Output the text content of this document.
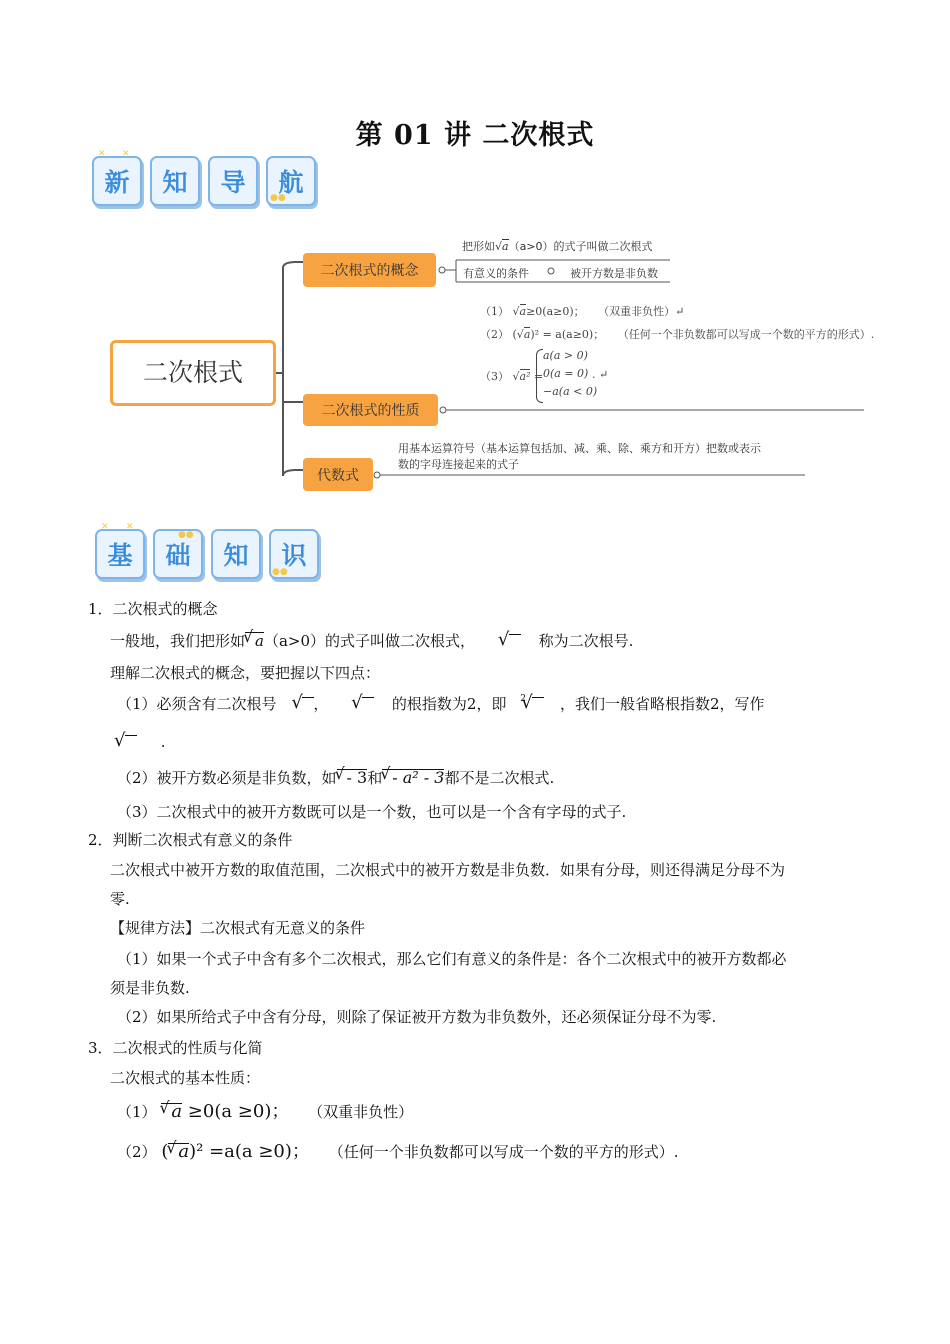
第 01 讲 二次根式
新	知	导	航
✕ ✕
●●
二次根式
二次根式的概念
二次根式的性质
代数式
把形如√a（a>0）的式子叫做二次根式
有意义的条件	被开方数是非负数
（1） √a≥0(a≥0)； （双重非负性）↵
（2） (√a)² = a(a≥0)； （任何一个非负数都可以写成一个数的平方的形式）.
（3） √a² =
a(a > 0)
0(a = 0)
−a(a < 0)
. ↵
用基本运算符号（基本运算包括加、减、乘、除、乘方和开方）把数或表示
数的字母连接起来的式子
基	础	知	识
✕ ✕
●●
●●
1．二次根式的概念
一般地，我们把形如 √ a（a>0）的式子叫做二次根式， √	称为二次根号.
理解二次根式的概念，要把握以下四点：
（1）必须含有二次根号 √ ， √	的根指数为2，即 √ 2 ，我们一般省略根指数2，写作
√ .
（2）被开方数必须是非负数，如 √ - 3和 √ - a² - 3都不是二次根式.
（3）二次根式中的被开方数既可以是一个数，也可以是一个含有字母的式子.
2．判断二次根式有意义的条件
二次根式中被开方数的取值范围，二次根式中的被开方数是非负数．如果有分母，则还得满足分母不为
零.
【规律方法】二次根式有无意义的条件
（1）如果一个式子中含有多个二次根式，那么它们有意义的条件是：各个二次根式中的被开方数都必
须是非负数.
（2）如果所给式子中含有分母，则除了保证被开方数为非负数外，还必须保证分母不为零.
3．二次根式的性质与化简
二次根式的基本性质：
（1） √ a ≥0(a ≥0)； （双重非负性）
（2） ( √ a)² =a(a ≥0)； （任何一个非负数都可以写成一个数的平方的形式）.
